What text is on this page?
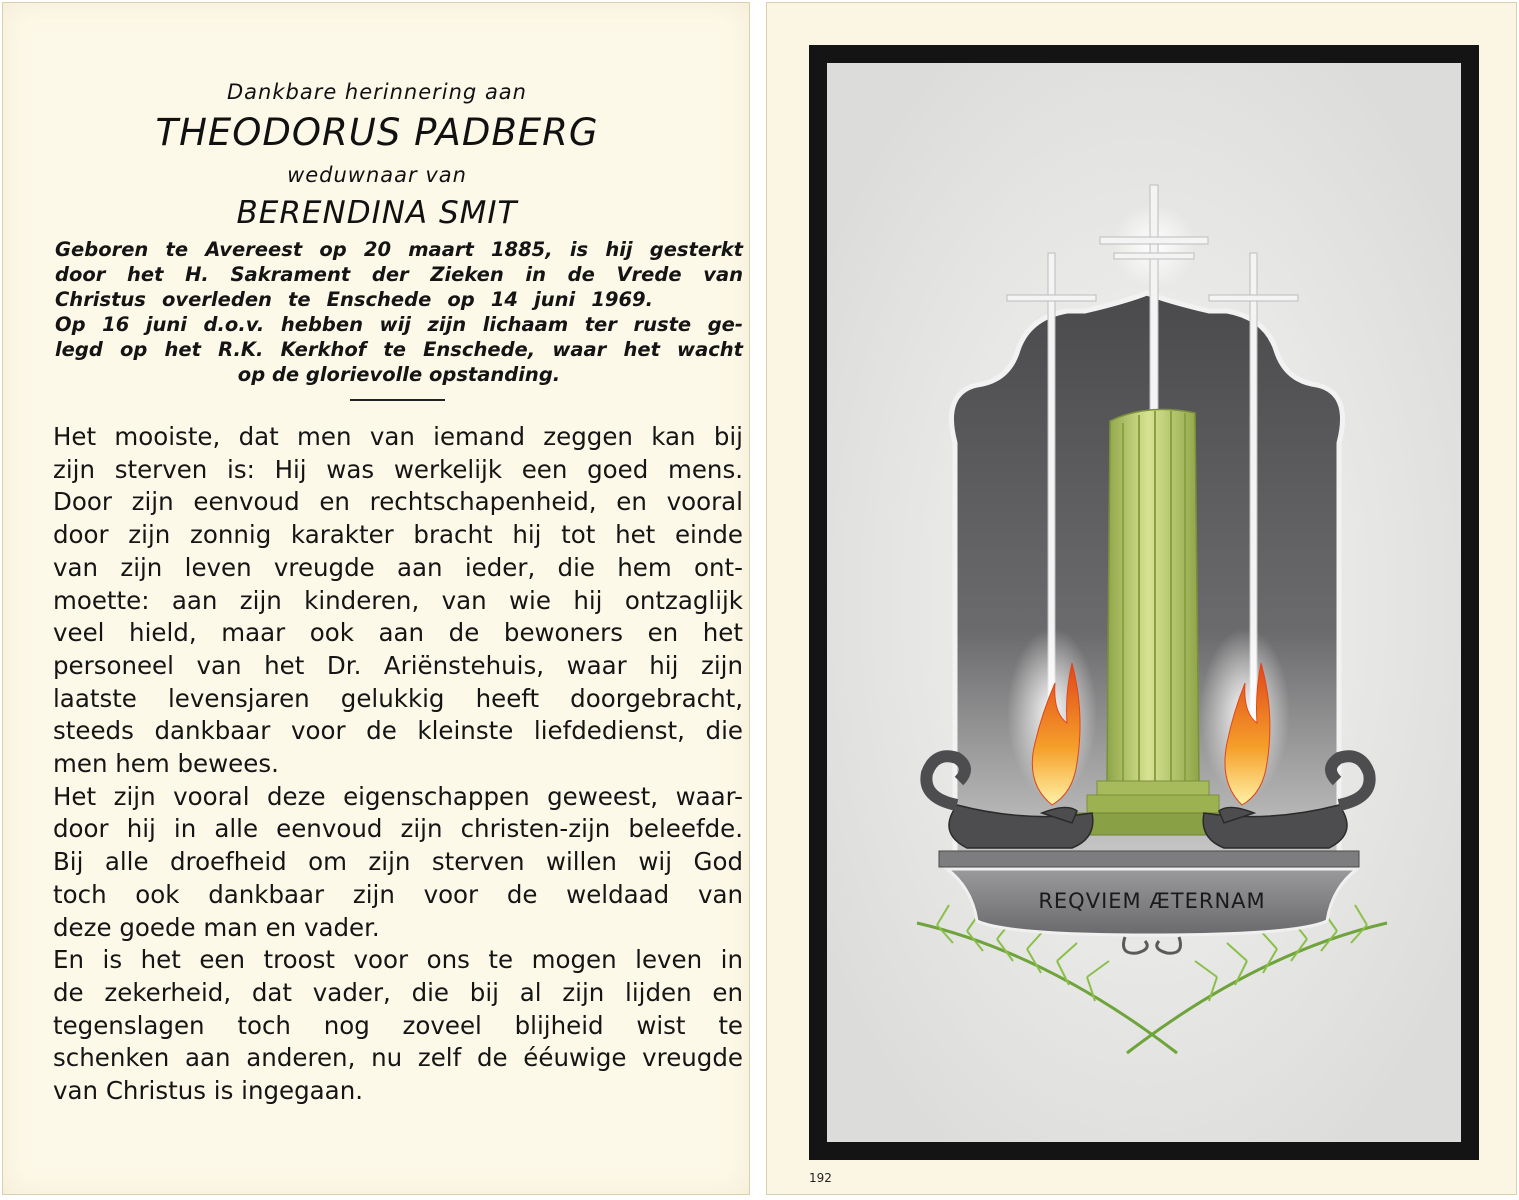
Dankbare herinnering aan
THEODORUS PADBERG
weduwnaar van
BERENDINA SMIT
Geboren te Avereest op 20 maart 1885, is hij gesterkt
door het H. Sakrament der Zieken in de Vrede van
Christus overleden te Enschede op 14 juni 1969.
Op 16 juni d.o.v. hebben wij zijn lichaam ter ruste ge-
legd op het R.K. Kerkhof te Enschede, waar het wacht
op de glorievolle opstanding.
Het mooiste, dat men van iemand zeggen kan bij
zijn sterven is: Hij was werkelijk een goed mens.
Door zijn eenvoud en rechtschapenheid, en vooral
door zijn zonnig karakter bracht hij tot het einde
van zijn leven vreugde aan ieder, die hem ont-
moette: aan zijn kinderen, van wie hij ontzaglijk
veel hield, maar ook aan de bewoners en het
personeel van het Dr. Ariënstehuis, waar hij zijn
laatste levensjaren gelukkig heeft doorgebracht,
steeds dankbaar voor de kleinste liefdedienst, die
men hem bewees.
Het zijn vooral deze eigenschappen geweest, waar-
door hij in alle eenvoud zijn christen-zijn beleefde.
Bij alle droefheid om zijn sterven willen wij God
toch ook dankbaar zijn voor de weldaad van
deze goede man en vader.
En is het een troost voor ons te mogen leven in
de zekerheid, dat vader, die bij al zijn lijden en
tegenslagen toch nog zoveel blijheid wist te
schenken aan anderen, nu zelf de ééuwige vreugde
van Christus is ingegaan.
REQVIEM ÆTERNAM
192
